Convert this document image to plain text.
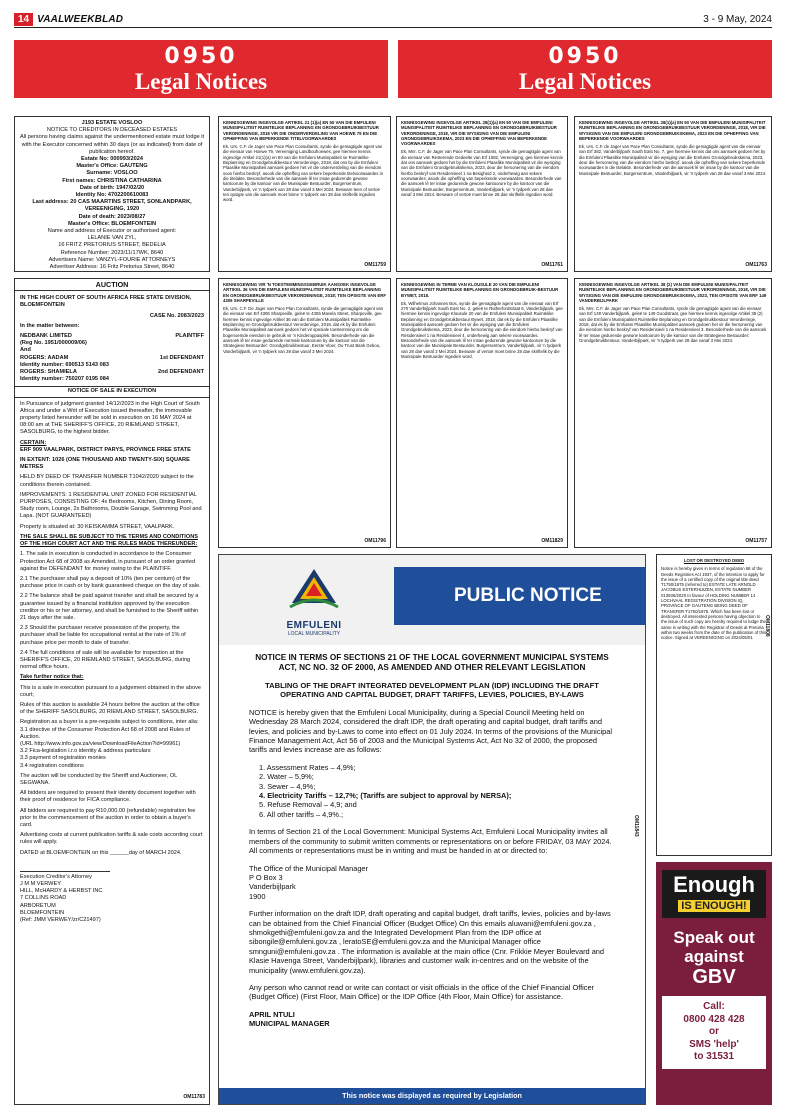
14 VAALWEEKBLAD	3 - 9 May, 2024
0950
Legal Notices
0950
Legal Notices
J193 ESTATE VOSLOO
NOTICE TO CREDITORS IN DECEASED ESTATES
All persons having claims against the undermentioned estate must lodge it with the Executor concerned within 30 days (or as indicated) from date of publication hereof.
Estate No: 000993/2024
Master's Office: GAUTENG
Surname: VOSLOO
First names: CHRISTINA CATHARINA
Date of birth: 1947/02/20
Identity No: 4702200610083
Last address: 20 CAS MAARTINS STREET, SONLANDPARK, VEREENIGING, 1920
Date of death: 2023/08/27
Master's Office: BLOEMFONTEIN
Name and address of Executor or authorised agent:
LELANIE VAN ZYL,
16 FRITZ PRETORIUS STREET, BEDELIA
Reference Number: 2023/11/17WK, 8640
Advertisers Name: VANZYL-FOURIE ATTORNEYS
Advertiser Address: 16 Fritz Pretorius Street, 8640
AUCTION

IN THE HIGH COURT OF SOUTH AFRICA FREE STATE DIVISION, BLOEMFONTEIN

CASE No. 2083/2023

In the matter between:

NEDBANK LIMITED	PLAINTIFF
(Reg No. 1951/000009/06)
And
ROGERS: AADAM	1st DEFENDANT
Identity number: 690513 5143 083
ROGERS: SHAMIELA	2nd DEFENDANT
Identity number: 750207 0195 084
NOTICE OF SALE IN EXECUTION

In Pursuance of judgment granted 14/12/2023 in the High Court of South Africa and under a Writ of Execution issued thereafter, the immovable property listed hereunder will be sold in execution on 16 MAY 2024 at 08:00 am at THE SHERIFF'S OFFICE, 20 RIEMLAND STREET, SASOLBURG, to the highest bidder.

CERTAIN:

ERF 909 VAALPARK, DISTRICT PARYS, PROVINCE FREE STATE

IN EXTENT: 1026 (ONE THOUSAND AND TWENTY-SIX) SQUARE METRES

HELD BY DEED OF TRANSFER NUMBER T1042/2020 subject to the conditions therein contained.

IMPROVEMENTS: 1 RESIDENTIAL UNIT ZONED FOR RESIDENTIAL PURPOSES, CONSISTING OF: 4x Bedrooms, Kitchen, Dining Room, Study room, Lounge, 2x Bathrooms, Double Garage, Swimming Pool and Lapa. (NOT GUARANTEED)

Property is situated at: 30 KEISKAMMA STREET, VAALPARK.

THE SALE SHALL BE SUBJECT TO THE TERMS AND CONDITIONS OF THE HIGH COURT ACT AND THE RULES MADE THEREUNDER:

1. The sale in execution is conducted in accordance to the Consumer Protection Act 68 of 2008 as Amended, in pursuant of an order granted against the DEFENDANT for money owing to the PLAINTIFF.

2.1 The purchaser shall pay a deposit of 10% (ten per centum) of the purchase price in cash or by bank guaranteed cheque on the day of sale.

2.2 The balance shall be paid against transfer and shall be secured by a guarantee issued by a financial institution approved by the execution creditor or his or her attorney, and shall be furnished to the Sheriff within 21 days after the sale.

2.3 Should the purchaser receive possession of the property, the purchaser shall be liable for occupational rental at the rate of 1% of purchase price per month to date of transfer.

2.4 The full conditions of sale will be available for inspection at the SHERIFF'S OFFICE, 20 RIEMLAND STREET, SASOLBURG, during normal office hours.

Take further notice that:

This is a sale in execution pursuant to a judgement obtained in the above court;

Rules of this auction is available 24 hours before the auction at the office of the SHERIFF SASOLBURG, 20 RIEMLAND STREET, SASOLBURG.

Registration as a buyer is a pre-requisite subject to conditions, inter alia:
3.1 directive of the Consumer Protection Act 68 of 2008 and Rules of Auction.
(URL http://www.info.gov.za/view/DownloadFileAction?id=99961)
3.2 Fica-legislation i.r.o identity & address particulars
3.3 payment of registration monies

3.4 registration conditions

The auction will be conducted by the Sheriff and Auctioneer, OL SEGWANA.

All bidders are required to present their identity document together with their proof of residence for FICA compliance.

All bidders are required to pay R10,000.00 (refundable) registration fee prior to the commencement of the auction in order to obtain a buyer's card.

Advertising costs at current publication tariffs & sale costs according court rules will apply.

DATED at BLOEMFONTEIN on this ______day of MARCH 2024.

Execution Creditor's Attorney
J M M VERWEY
HILL, McHARDY & HERBST INC
7 COLLINS ROAD
ARBORETUM
BLOEMFONTEIN
(Ref: JMM VERWEY/zr/C21497)
OM11783
KENNISGEWING INGEVOLGE ARTIKEL 21 (1)(a) EN 50 VAN DIE EMFULENI MUNISIPALITEIT RUIMTELIKE BEPLANNING EN GRONDGEBRUIKBESTUUR VERORDENINGE, 2018 VIR DIE ONDERVERDELING VAN HOEWE 79 EN DIE OPHEFFING VAN BEPERKENDE TITELVOORWAARDES

Ek, Urs. C.F. de Jager van Pace Plan Consultants, synde die gemagtigde agent van die eienaar van Hoewe 79, Vereeniging Landbouhoewes, gee hiermee kennis ingevolge Artikel 21(1)(a) en 50 van die Emfuleni Munisipaliteit se Ruimtelike Beplanning en Grondgebruikbestuur Verordeninge, 2018, dat ons by die Emfuleni Plaaslike Munisipaliteit aansoek gedoen het vir die onderverdeling van die eiendom soos hierbo beskryf, asook die opheffing van sekere beperkende titelvoorwaardes in die titelakte. Besonderhede van die aansoek lê ter insae gedurende gewone kantoorure by die kantoor van die Munisipale Bestuurder, Burgersentrum, Vanderbijlpark, vir 'n tydperk van 28 dae vanaf 3 Mei 2024. Besware teen of vertoë ten opsigte van die aansoek moet binne 'n tydperk van 28 dae skriftelik ingedien word.

OM11759
KENNISGEWING INGEVOLGE ARTIKEL 28(1)(a) EN 50 VAN DIE EMFULENI MUNISIPALITEIT RUIMTELIKE BEPLANNING EN GRONDGEBRUIKBESTUUR VERORDENINGE, 2018, VIR DIE WYSIGING VAN DIE EMFULENI GRONDGEBRUIKSKEMA, 2023 EN DIE OPHEFFING VAN BEPERKENDE VOORWAARDES

Ek, Mnr. C.F. de Jager van Pace Plan Consultants, synde die gemagtigde agent van die eienaar van Resterende Gedeelte van Erf 1082, Vereeniging, gee hiermee kennis dat ons aansoek gedoen het by die Emfuleni Plaaslike Munisipaliteit vir die wysiging van die Emfuleni Grondgebruikskema, 2023, deur die hersonering van die eiendom hierbo beskryf van Residensieel 1 na Besigheid 2, onderhewig aan sekere voorwaardes, asook die opheffing van beperkende voorwaardes. Besonderhede van die aansoek lê ter insae gedurende gewone kantoorure by die kantoor van die Munisipale Bestuurder, Burgersentrum, Vanderbijlpark, vir 'n tydperk van 28 dae vanaf 3 Mei 2024. Besware of vertoë moet binne 28 dae skriftelik ingedien word.

OM11761
KENNISGEWING INGEVOLGE ARTIKEL 28(1)(a) EN 50 VAN DIE EMFULENI MUNISIPALITEIT RUIMTELIKE BEPLANNING EN GRONDGEBRUIKBESTUUR VERORDENINGE, 2018, VIR DIE WYSIGING VAN DIE EMFULENI GRONDGEBRUIKSKEMA, 2023 EN DIE OPHEFFING VAN BEPERKENDE VOORWAARDES

Ek, Urs. C.F. de Jager van Pace Plan Consultants, synde die gemagtigde agent van die eienaar van Erf 382, Vanderbijlpark South East No. 7, gee hiermee kennis dat ons aansoek gedoen het by die Emfuleni Plaaslike Munisipaliteit vir die wysiging van die Emfuleni Grondgebruikskema, 2023, deur die hersonering van die eiendom hierbo beskryf, asook die opheffing van sekere beperkende voorwaardes in die titelakte. Besonderhede van die aansoek lê ter insae by die kantoor van die Munisipale Bestuurder, Burgersentrum, Vanderbijlpark, vir 'n tydperk van 28 dae vanaf 3 Mei 2024.

OM11763
KENNISGEWING VIR 'N TOESTEMMINGSGEBRUIK AANSOEK INGEVOLGE ARTIKEL 36 VAN DIE EMFULENI MUNISIPALITEIT RUIMTELIKE BEPLANNING EN GRONDGEBRUIKBESTUUR VERORDENINGE, 2018; TEN OPSIGTE VAN ERF 4306 SHARPEVILLE

Ek, Urs. C.F. De Jager van Pace Plan Consultants, synde die gemagtigde agent van die eienaar van Erf 4306 Sharpeville, geleë te 4306 Mavela Street, Sharpeville, gee hiermee kennis ingevolge Artikel 36 van die Emfuleni Munisipaliteit Ruimtelike Beplanning en Grondgebruikbestuur Verordeninge, 2018, dat ek by die Emfuleni Plaaslike Munisipaliteit aansoek gedoen het vir spesiale toestemming om die bogenoemde eiendom te gebruik vir 'n Kinderoppasplek. Besonderhede van die aansoek lê ter insae gedurende normale kantoorure by die kantoor van die Strategiese Bestuurder: Grondgebruikbestuur, Eerste Vloer, Ou Trust Bank Gebou, Vanderbijlpark, vir 'n tydperk van 28 dae vanaf 3 Mei 2024.

OM11796
KENNISGEWING IN TERME VAN KLOUSULE 20 VAN DIE EMFULENI MUNISIPALITEIT RUIMTELIKE BEPLANNING EN GRONDGEBRUIK-BESTUUR BYWET, 2018.

Ek, Wilhelmus Johannes Bos, synde die gemagtigde agent van die eienaar van Erf 270 Vanderbijlpark South East No. 2, geleë te Rutherfordstraat 6, Vanderbijlpark, gee hiermee kennis ingevolge Klousule 20 van die Emfuleni Munisipaliteit Ruimtelike Beplanning en Grondgebruikbestuur Bywet, 2018, dat ek by die Emfuleni Plaaslike Munisipaliteit aansoek gedoen het vir die wysiging van die Emfuleni Grondgebruikskema, 2023, deur die hersonering van die eiendom hierbo beskryf van Residensieel 1 na Residensieel 4, onderhewig aan sekere voorwaardes. Besonderhede van die aansoek lê ter insae gedurende gewone kantoorure by die kantoor van die Munisipale Bestuurder, Burgersentrum, Vanderbijlpark, vir 'n tydperk van 28 dae vanaf 3 Mei 2024. Besware of vertoë moet binne 28 dae skriftelik by die Munisipale Bestuurder ingedien word.

OM11829
KENNISGEWING INGEVOLGE ARTIKEL 38 (2) VAN DIE EMFULENI MUNISIPALITEIT RUIMTELIKE BEPLANNING EN GRONDGEBRUIKBESTUUR VERORDENINGE, 2018, VIR DIE WYSIGING VAN DIE EMFULENI GRONDGEBRUIKSKEMA, 2023, TEN OPSIGTE VAN ERF 149 VANDERBIJLPARK

Ek, Mnr. C.F. de Jager van Pace Plan Consultants, synde die gemagtigde agent van die eienaar van Erf 149 Vanderbijlpark, geleë te 149 Goodstraat, gee hiermee kennis ingevolge Artikel 38 (2) van die Emfuleni Munisipaliteit Ruimtelike Beplanning en Grondgebruikbestuur Verordeninge, 2018, dat ek by die Emfuleni Plaaslike Munisipaliteit aansoek gedoen het vir die hersonering van die eiendom hierbo beskryf van Residensieel 1 na Residensieel 3. Besonderhede van die aansoek lê ter insae gedurende gewone kantoorure by die kantoor van die Strategiese Bestuurder: Grondgebruikbestuur, Vanderbijlpark, vir 'n tydperk van 28 dae vanaf 3 Mei 2024.

OM11757
LOST OR DESTROYED DEED

Notice is hereby given in terms of regulation 68 of the Deeds Registries Act 1937, of the intention to apply for the issue of a certified copy of the original title deed T1750/1975 (referred to) ESTATE LATE ARNOLD JACOBUS ESTERHUIZEN, ESTATE NUMBER 013936/2020 In favour of HOLDING NUMBER 14 LOCHVAAL REGISTRATION DIVISION IQ, PROVINCE OF GAUTENG BEING DEED OF TRANSFER T1750/1975. Which has been lost or destroyed. All interested persons having objection to the issue of such copy are hereby required to lodge the same in writing with the Registrar of Deeds at Pretoria within two weeks from the date of the publication of this notice. Signed at VEREENIGING on 2024/05/01

OM11808
EMFULENI
LOCAL MUNICIPALITY
PUBLIC NOTICE
NOTICE IN TERMS OF SECTIONS 21 OF THE LOCAL GOVERNMENT MUNICIPAL SYSTEMS ACT, NC NO. 32 OF 2000, AS AMENDED AND OTHER RELEVANT LEGISLATION
TABLING OF THE DRAFT INTEGRATED DEVELOPMENT PLAN (IDP) INCLUDING THE DRAFT OPERATING AND CAPITAL BUDGET, DRAFT TARIFFS, LEVIES, POLICIES, BY-LAWS

NOTICE is hereby given that the Emfuleni Local Municipality, during a Special Council Meeting held on Wednesday 28 March 2024, considered the draft IDP, the draft operating and capital budget, draft tariffs and levies, and policies and by-Laws to come into effect on 01 July 2024. In terms of the provisions of the Municipal Finance Management Act, Act 56 of 2003 and the Municipal Systems Act, Act No 32 of 2000, the proposed tariffs and levies increase are as follows:

1. Assessment Rates – 4,9%;
2. Water – 5,9%;
3. Sewer – 4,9%;
4. Electricity Tariffs – 12,7%; (Tariffs are subject to approval by NERSA);
5. Refuse Removal – 4,9; and
6. All other tariffs – 4,9%.;

In terms of Section 21 of the Local Government: Municipal Systems Act, Emfuleni Local Municipality invites all members of the community to submit written comments or representations on or before FRIDAY, 03 MAY 2024. All comments or representations must be in writing and must be handed in at or directed to:

The Office of the Municipal Manager
P O Box 3
Vanderbijlpark
1900

Further information on the draft IDP, draft operating and capital budget, draft tariffs, levies, policies and by-laws can be obtained from the Chief Financial Officer (Budget Office) On this emails aluwani@emfuleni.gov.za , shmokgethi@emfuleni.gov.za and the Integrated Development Plan from the IDP office at sibongile@emfuleni.gov.za , leratoSE@emfuleni.gov.za and the Municipal Manager office smnguni@emfuleni.gov.za . The information is available at the main office (Cnr. Frikkie Meyer Boulevard and Klasie Havenga Street, Vanderbijlpark), libraries and customer walk in-centres and on the website of the municipality (www.emfuleni.gov.za).

Any person who cannot read or write can contact or visit officials in the office of the Chief Financial Officer (Budget Office) (First Floor, Main Office) or the IDP Office (4th Floor, Main Office) for assistance.

APRIL NTULI
MUNICIPAL MANAGER
OM11843
This notice was displayed as required by Legislation
Enough
IS ENOUGH!
Speak out against
GBV
Call:
0800 428 428
or
SMS 'help'
to 31531
